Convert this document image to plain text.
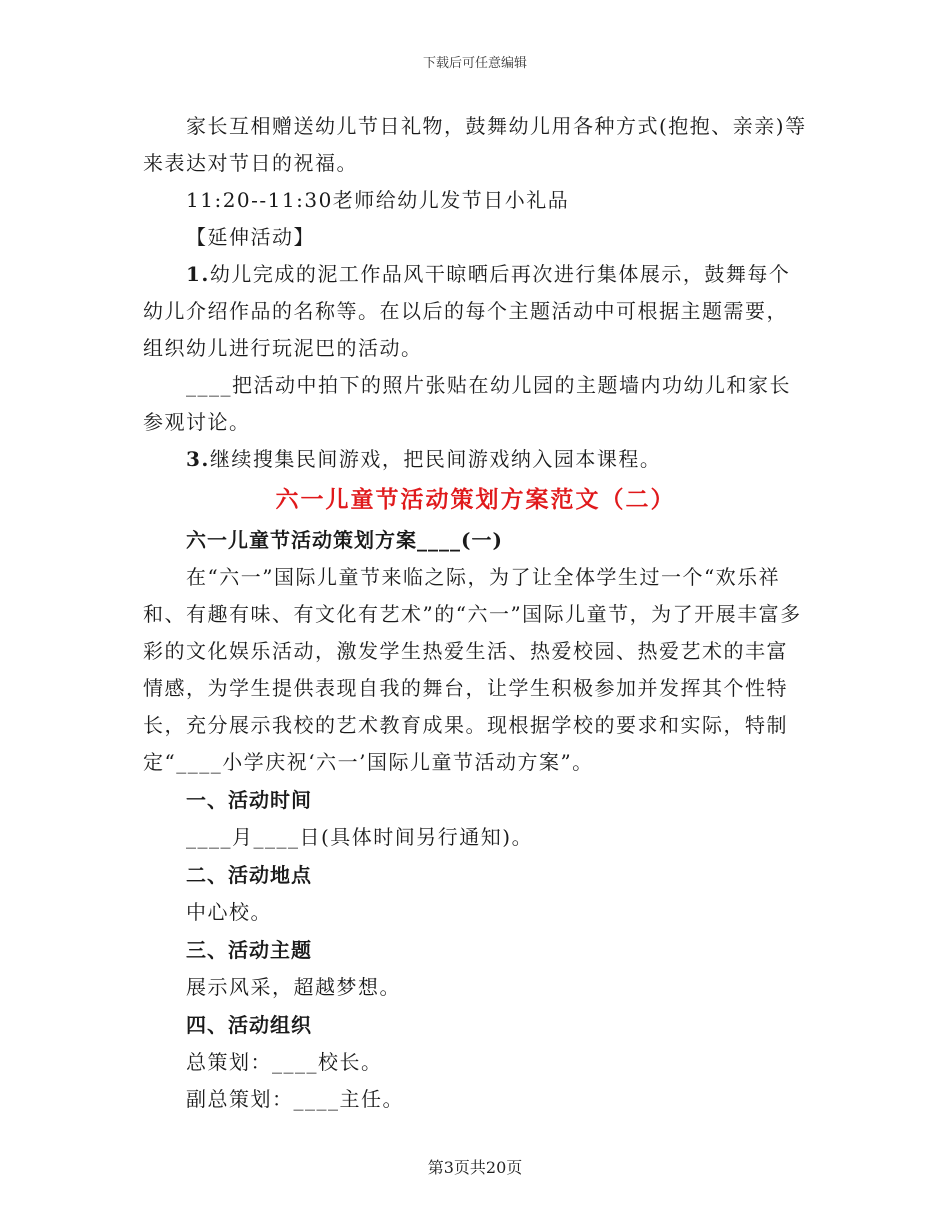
下载后可任意编辑

家长互相赠送幼儿节日礼物，鼓舞幼儿用各种方式(抱抱、亲亲)等来表达对节日的祝福。

11:20--11:30老师给幼儿发节日小礼品

【延伸活动】

1.幼儿完成的泥工作品风干晾晒后再次进行集体展示，鼓舞每个幼儿介绍作品的名称等。在以后的每个主题活动中可根据主题需要，组织幼儿进行玩泥巴的活动。

____把活动中拍下的照片张贴在幼儿园的主题墙内功幼儿和家长参观讨论。

3.继续搜集民间游戏，把民间游戏纳入园本课程。

六一儿童节活动策划方案范文（二）

六一儿童节活动策划方案____(一)

在“六一”国际儿童节来临之际，为了让全体学生过一个“欢乐祥和、有趣有味、有文化有艺术”的“六一”国际儿童节，为了开展丰富多彩的文化娱乐活动，激发学生热爱生活、热爱校园、热爱艺术的丰富情感，为学生提供表现自我的舞台，让学生积极参加并发挥其个性特长，充分展示我校的艺术教育成果。现根据学校的要求和实际，特制定“____小学庆祝‘六一’国际儿童节活动方案”。

一、活动时间

____月____日(具体时间另行通知)。

二、活动地点

中心校。

三、活动主题

展示风采，超越梦想。

四、活动组织

总策划：____校长。

副总策划：____主任。

第3页共20页
